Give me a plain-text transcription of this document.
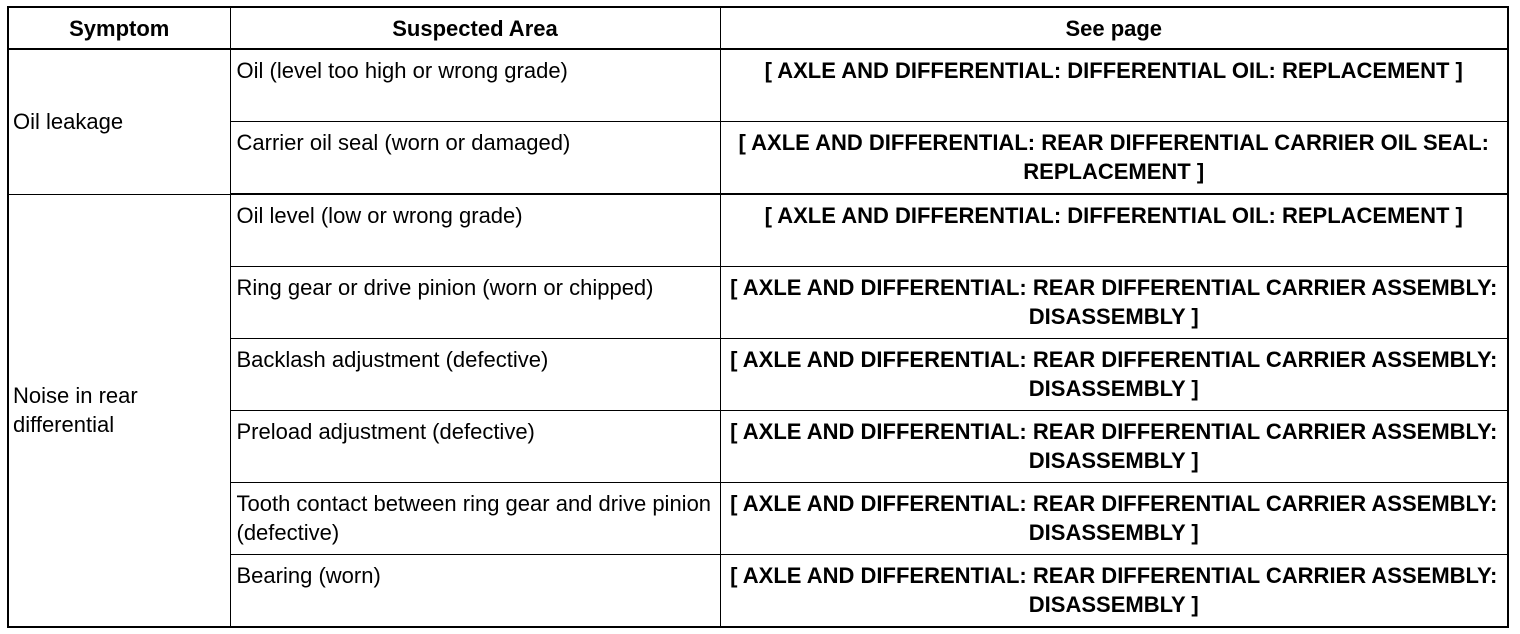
Symptom	Suspected Area	See page
Oil leakage	Oil (level too high or wrong grade)	[ AXLE AND DIFFERENTIAL: DIFFERENTIAL OIL: REPLACEMENT ]
	Carrier oil seal (worn or damaged)	[ AXLE AND DIFFERENTIAL: REAR DIFFERENTIAL CARRIER OIL SEAL: REPLACEMENT ]
Noise in rear differential	Oil level (low or wrong grade)	[ AXLE AND DIFFERENTIAL: DIFFERENTIAL OIL: REPLACEMENT ]
	Ring gear or drive pinion (worn or chipped)	[ AXLE AND DIFFERENTIAL: REAR DIFFERENTIAL CARRIER ASSEMBLY: DISASSEMBLY ]
	Backlash adjustment (defective)	[ AXLE AND DIFFERENTIAL: REAR DIFFERENTIAL CARRIER ASSEMBLY: DISASSEMBLY ]
	Preload adjustment (defective)	[ AXLE AND DIFFERENTIAL: REAR DIFFERENTIAL CARRIER ASSEMBLY: DISASSEMBLY ]
	Tooth contact between ring gear and drive pinion (defective)	[ AXLE AND DIFFERENTIAL: REAR DIFFERENTIAL CARRIER ASSEMBLY: DISASSEMBLY ]
	Bearing (worn)	[ AXLE AND DIFFERENTIAL: REAR DIFFERENTIAL CARRIER ASSEMBLY: DISASSEMBLY ]
